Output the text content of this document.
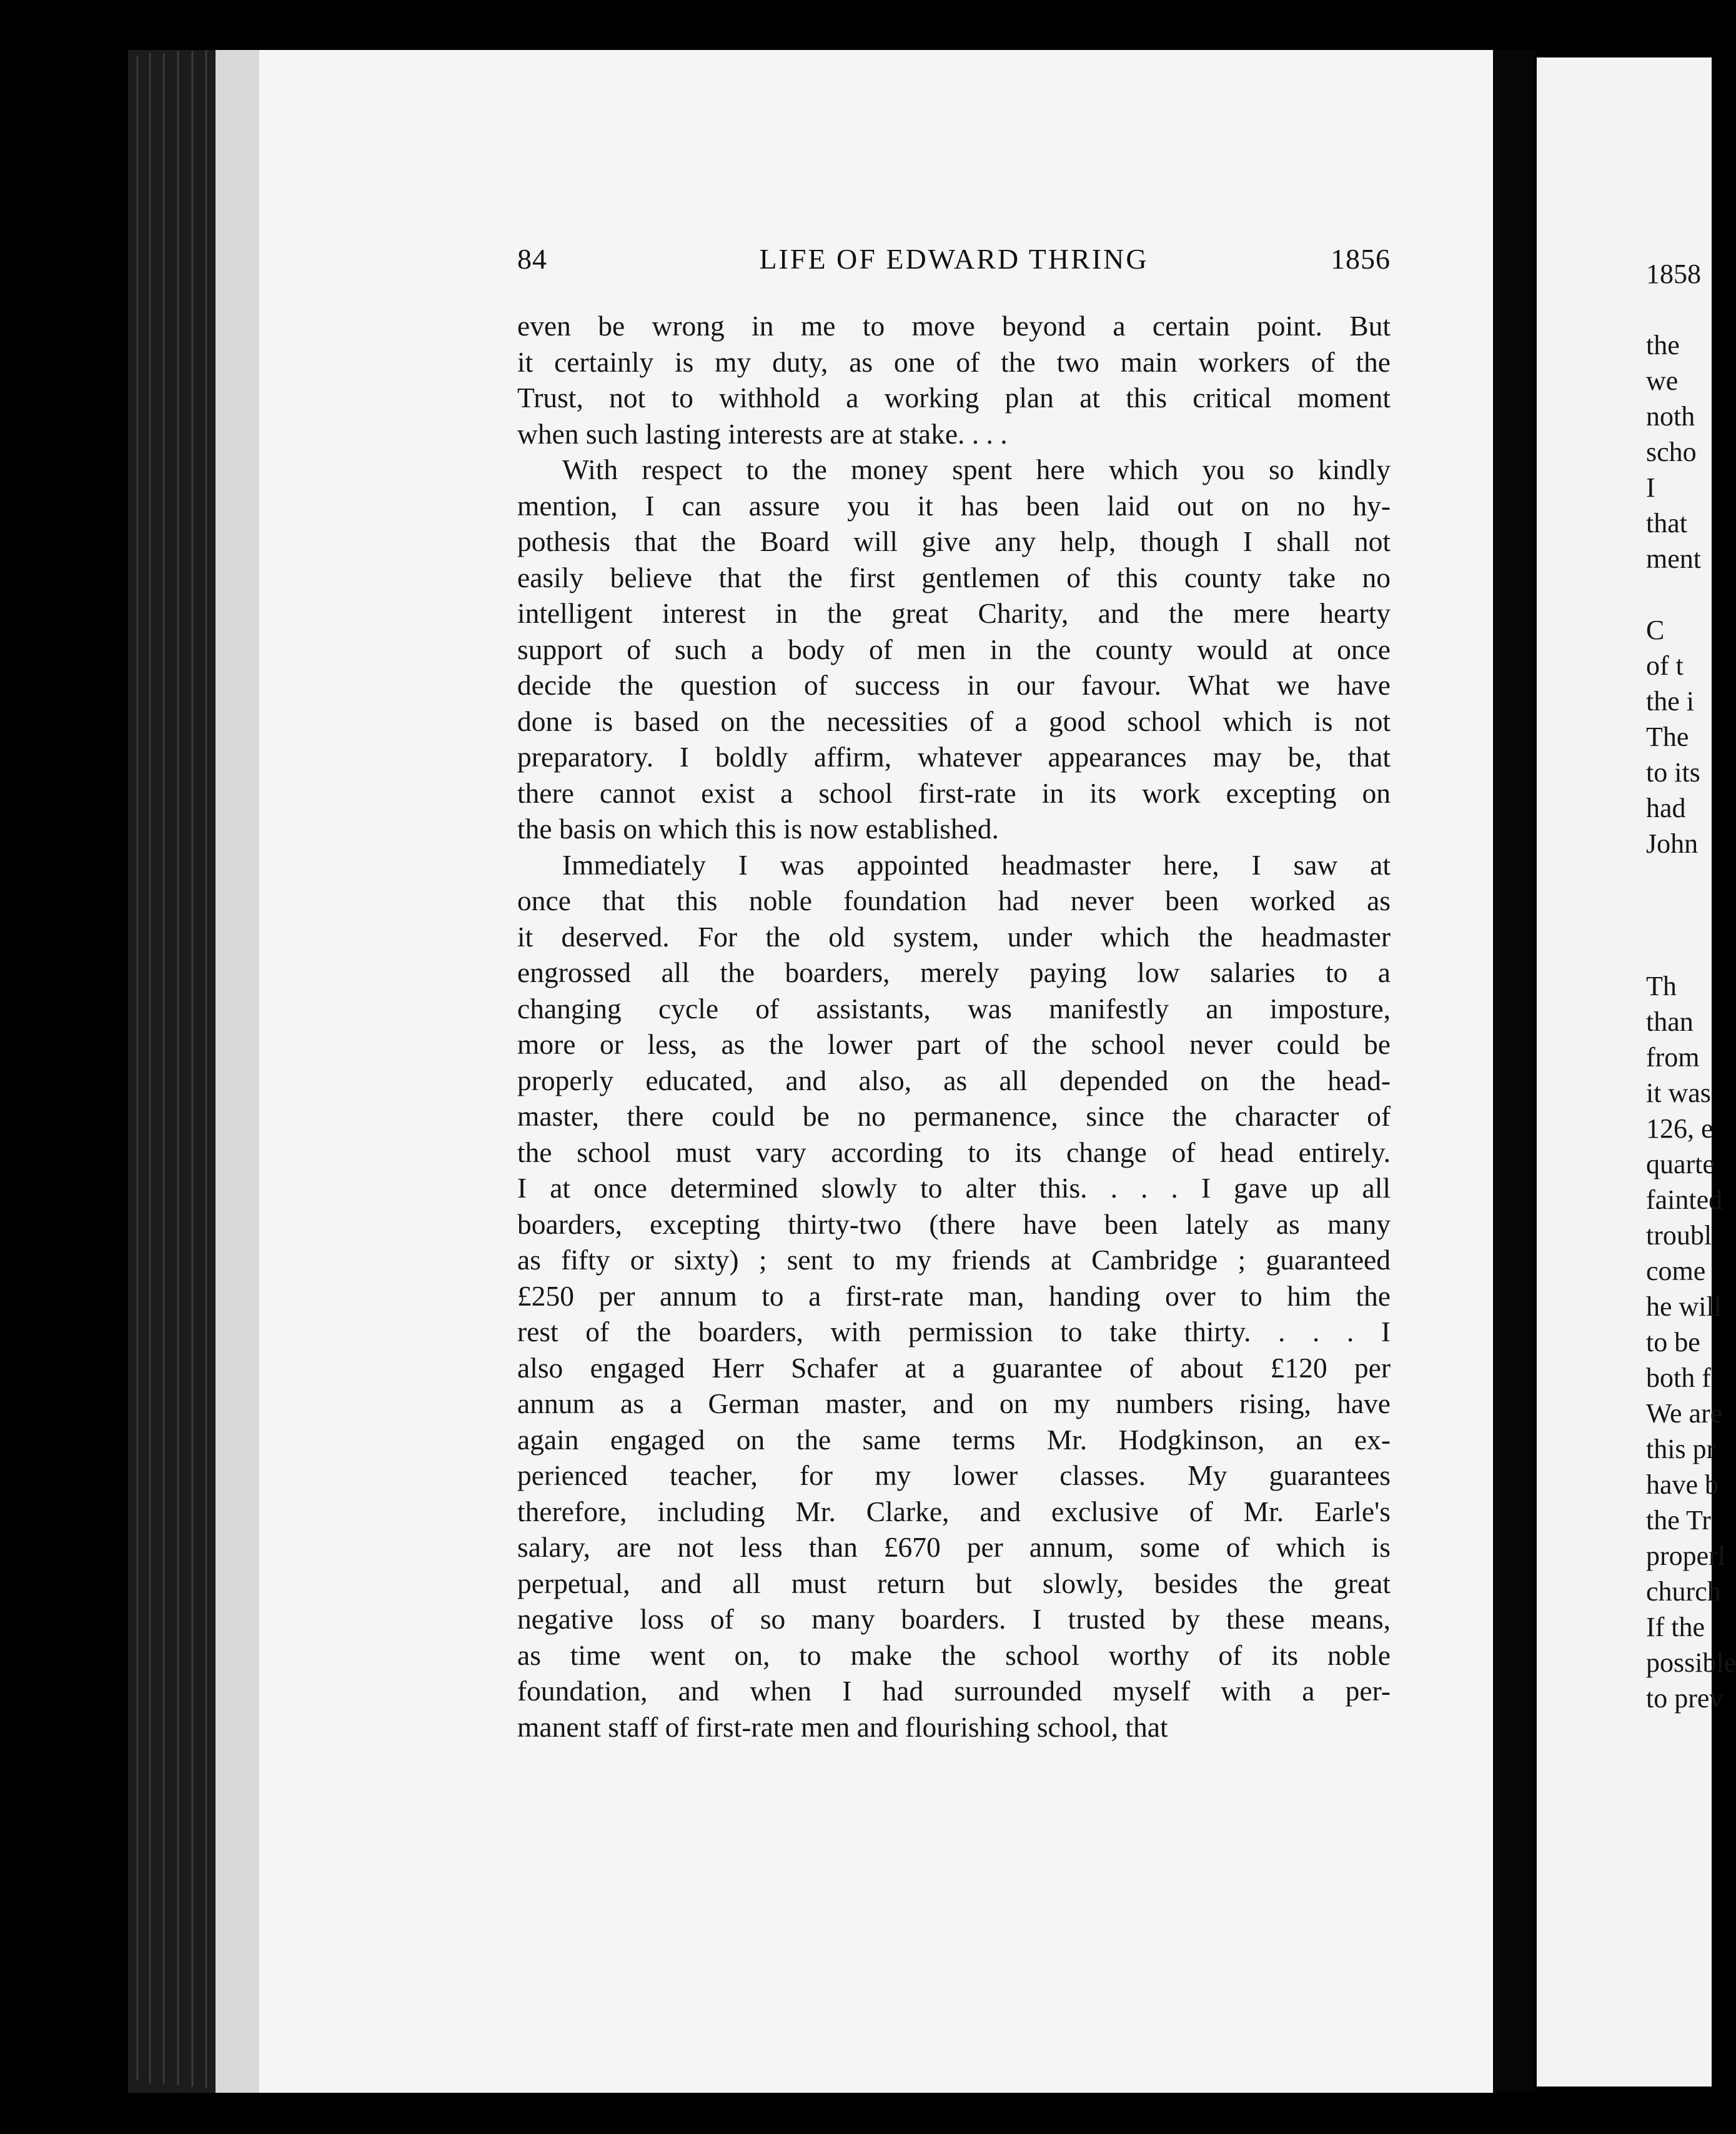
84	LIFE OF EDWARD THRING	1856
even be wrong in me to move beyond a certain point. But
it certainly is my duty, as one of the two main workers of the
Trust, not to withhold a working plan at this critical moment
when such lasting interests are at stake. . . .
With respect to the money spent here which you so kindly
mention, I can assure you it has been laid out on no hy-
pothesis that the Board will give any help, though I shall not
easily believe that the first gentlemen of this county take no
intelligent interest in the great Charity, and the mere hearty
support of such a body of men in the county would at once
decide the question of success in our favour. What we have
done is based on the necessities of a good school which is not
preparatory. I boldly affirm, whatever appearances may be, that
there cannot exist a school first-rate in its work excepting on
the basis on which this is now established.
Immediately I was appointed headmaster here, I saw at
once that this noble foundation had never been worked as
it deserved. For the old system, under which the headmaster
engrossed all the boarders, merely paying low salaries to a
changing cycle of assistants, was manifestly an imposture,
more or less, as the lower part of the school never could be
properly educated, and also, as all depended on the head-
master, there could be no permanence, since the character of
the school must vary according to its change of head entirely.
I at once determined slowly to alter this. . . . I gave up all
boarders, excepting thirty-two (there have been lately as many
as fifty or sixty) ; sent to my friends at Cambridge ; guaranteed
£250 per annum to a first-rate man, handing over to him the
rest of the boarders, with permission to take thirty. . . . I
also engaged Herr Schafer at a guarantee of about £120 per
annum as a German master, and on my numbers rising, have
again engaged on the same terms Mr. Hodgkinson, an ex-
perienced teacher, for my lower classes. My guarantees
therefore, including Mr. Clarke, and exclusive of Mr. Earle's
salary, are not less than £670 per annum, some of which is
perpetual, and all must return but slowly, besides the great
negative loss of so many boarders. I trusted by these means,
as time went on, to make the school worthy of its noble
foundation, and when I had surrounded myself with a per-
manent staff of first-rate men and flourishing school, that
1858
the
we
noth
scho
I
that
ment
C
of t
the i
The
to its
had
John
Th
than
from
it was
126, e
quarte
fainted
troubl
come
he will
to be
both f
We are
this pr
have b
the Tr
properl
church
If the
possible
to prev
